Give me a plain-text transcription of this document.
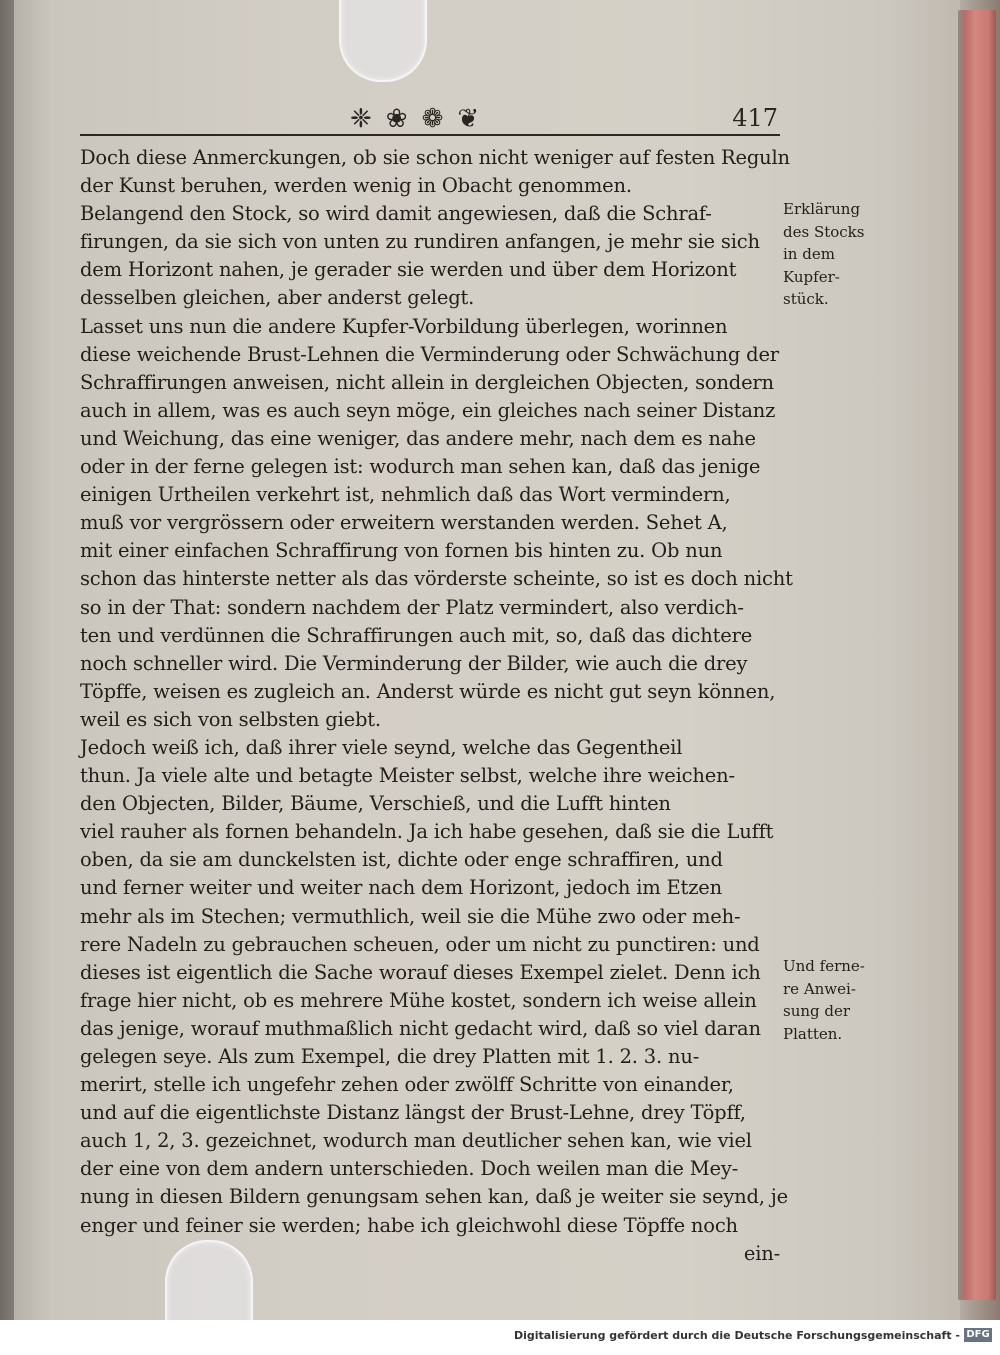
❈❀❁❦	417
Doch diese Anmerckungen, ob sie schon nicht weniger auf festen Reguln
der Kunst beruhen, werden wenig in Obacht genommen.
Belangend den Stock, so wird damit angewiesen, daß die Schraf-
firungen, da sie sich von unten zu rundiren anfangen, je mehr sie sich
dem Horizont nahen, je gerader sie werden und über dem Horizont
desselben gleichen, aber anderst gelegt.
Lasset uns nun die andere Kupfer-Vorbildung überlegen, worinnen
diese weichende Brust-Lehnen die Verminderung oder Schwächung der
Schraffirungen anweisen, nicht allein in dergleichen Objecten, sondern
auch in allem, was es auch seyn möge, ein gleiches nach seiner Distanz
und Weichung, das eine weniger, das andere mehr, nach dem es nahe
oder in der ferne gelegen ist: wodurch man sehen kan, daß das jenige
einigen Urtheilen verkehrt ist, nehmlich daß das Wort vermindern,
muß vor vergrössern oder erweitern werstanden werden. Sehet A,
mit einer einfachen Schraffirung von fornen bis hinten zu. Ob nun
schon das hinterste netter als das vörderste scheinte, so ist es doch nicht
so in der That: sondern nachdem der Platz vermindert, also verdich-
ten und verdünnen die Schraffirungen auch mit, so, daß das dichtere
noch schneller wird. Die Verminderung der Bilder, wie auch die drey
Töpffe, weisen es zugleich an. Anderst würde es nicht gut seyn können,
weil es sich von selbsten giebt.
Jedoch weiß ich, daß ihrer viele seynd, welche das Gegentheil
thun. Ja viele alte und betagte Meister selbst, welche ihre weichen-
den Objecten, Bilder, Bäume, Verschieß, und die Lufft hinten
viel rauher als fornen behandeln. Ja ich habe gesehen, daß sie die Lufft
oben, da sie am dunckelsten ist, dichte oder enge schraffiren, und
und ferner weiter und weiter nach dem Horizont, jedoch im Etzen
mehr als im Stechen; vermuthlich, weil sie die Mühe zwo oder meh-
rere Nadeln zu gebrauchen scheuen, oder um nicht zu punctiren: und
dieses ist eigentlich die Sache worauf dieses Exempel zielet. Denn ich
frage hier nicht, ob es mehrere Mühe kostet, sondern ich weise allein
das jenige, worauf muthmaßlich nicht gedacht wird, daß so viel daran
gelegen seye. Als zum Exempel, die drey Platten mit 1. 2. 3. nu-
merirt, stelle ich ungefehr zehen oder zwölff Schritte von einander,
und auf die eigentlichste Distanz längst der Brust-Lehne, drey Töpff,
auch 1, 2, 3. gezeichnet, wodurch man deutlicher sehen kan, wie viel
der eine von dem andern unterschieden. Doch weilen man die Mey-
nung in diesen Bildern genungsam sehen kan, daß je weiter sie seynd, je
enger und feiner sie werden; habe ich gleichwohl diese Töpffe noch
ein-
Erklärung
des Stocks
in dem
Kupfer-
stück.
Und ferne-
re Anwei-
sung der
Platten.
Digitalisierung gefördert durch die Deutsche Forschungsgemeinschaft - DFG
